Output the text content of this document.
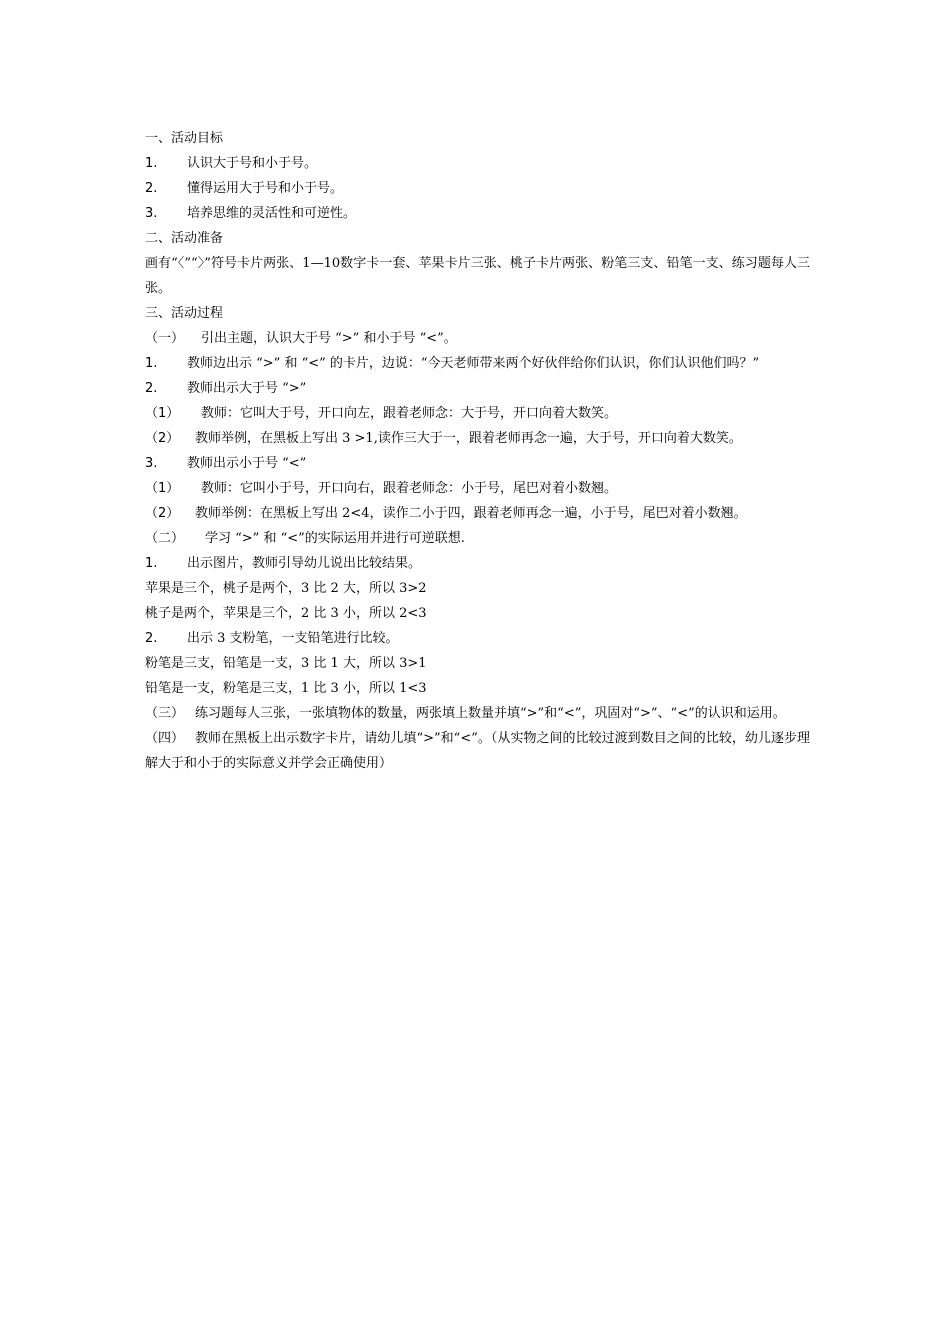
一、活动目标
1. 认识大于号和小于号。
2. 懂得运用大于号和小于号。
3. 培养思维的灵活性和可逆性。
二、活动准备
画有“〈”“〉”符号卡片两张、1—10数字卡一套、苹果卡片三张、桃子卡片两张、粉笔三支、铅笔一支、练习题每人三张。
三、活动过程
（一） 引出主题，认识大于号 “>” 和小于号 “<”。
1. 教师边出示 “>” 和 “<” 的卡片，边说：“今天老师带来两个好伙伴给你们认识，你们认识他们吗？”
2. 教师出示大于号 “>”
（1） 教师：它叫大于号，开口向左，跟着老师念：大于号，开口向着大数笑。
（2） 教师举例，在黑板上写出 3 >1,读作三大于一，跟着老师再念一遍，大于号，开口向着大数笑。
3. 教师出示小于号 “<”
（1） 教师：它叫小于号，开口向右，跟着老师念：小于号，尾巴对着小数翘。
（2） 教师举例：在黑板上写出 2<4，读作二小于四，跟着老师再念一遍，小于号，尾巴对着小数翘。
（二） 学习 “>” 和 “<”的实际运用并进行可逆联想.
1. 出示图片，教师引导幼儿说出比较结果。
苹果是三个，桃子是两个，3 比 2 大，所以 3>2
桃子是两个，苹果是三个，2 比 3 小，所以 2<3
2. 出示 3 支粉笔，一支铅笔进行比较。
粉笔是三支，铅笔是一支，3 比 1 大，所以 3>1
铅笔是一支，粉笔是三支，1 比 3 小，所以 1<3
（三） 练习题每人三张，一张填物体的数量，两张填上数量并填“>”和“<”，巩固对“>”、“<”的认识和运用。
（四） 教师在黑板上出示数字卡片，请幼儿填“>”和“<”。（从实物之间的比较过渡到数目之间的比较，幼儿逐步理解大于和小于的实际意义并学会正确使用）
